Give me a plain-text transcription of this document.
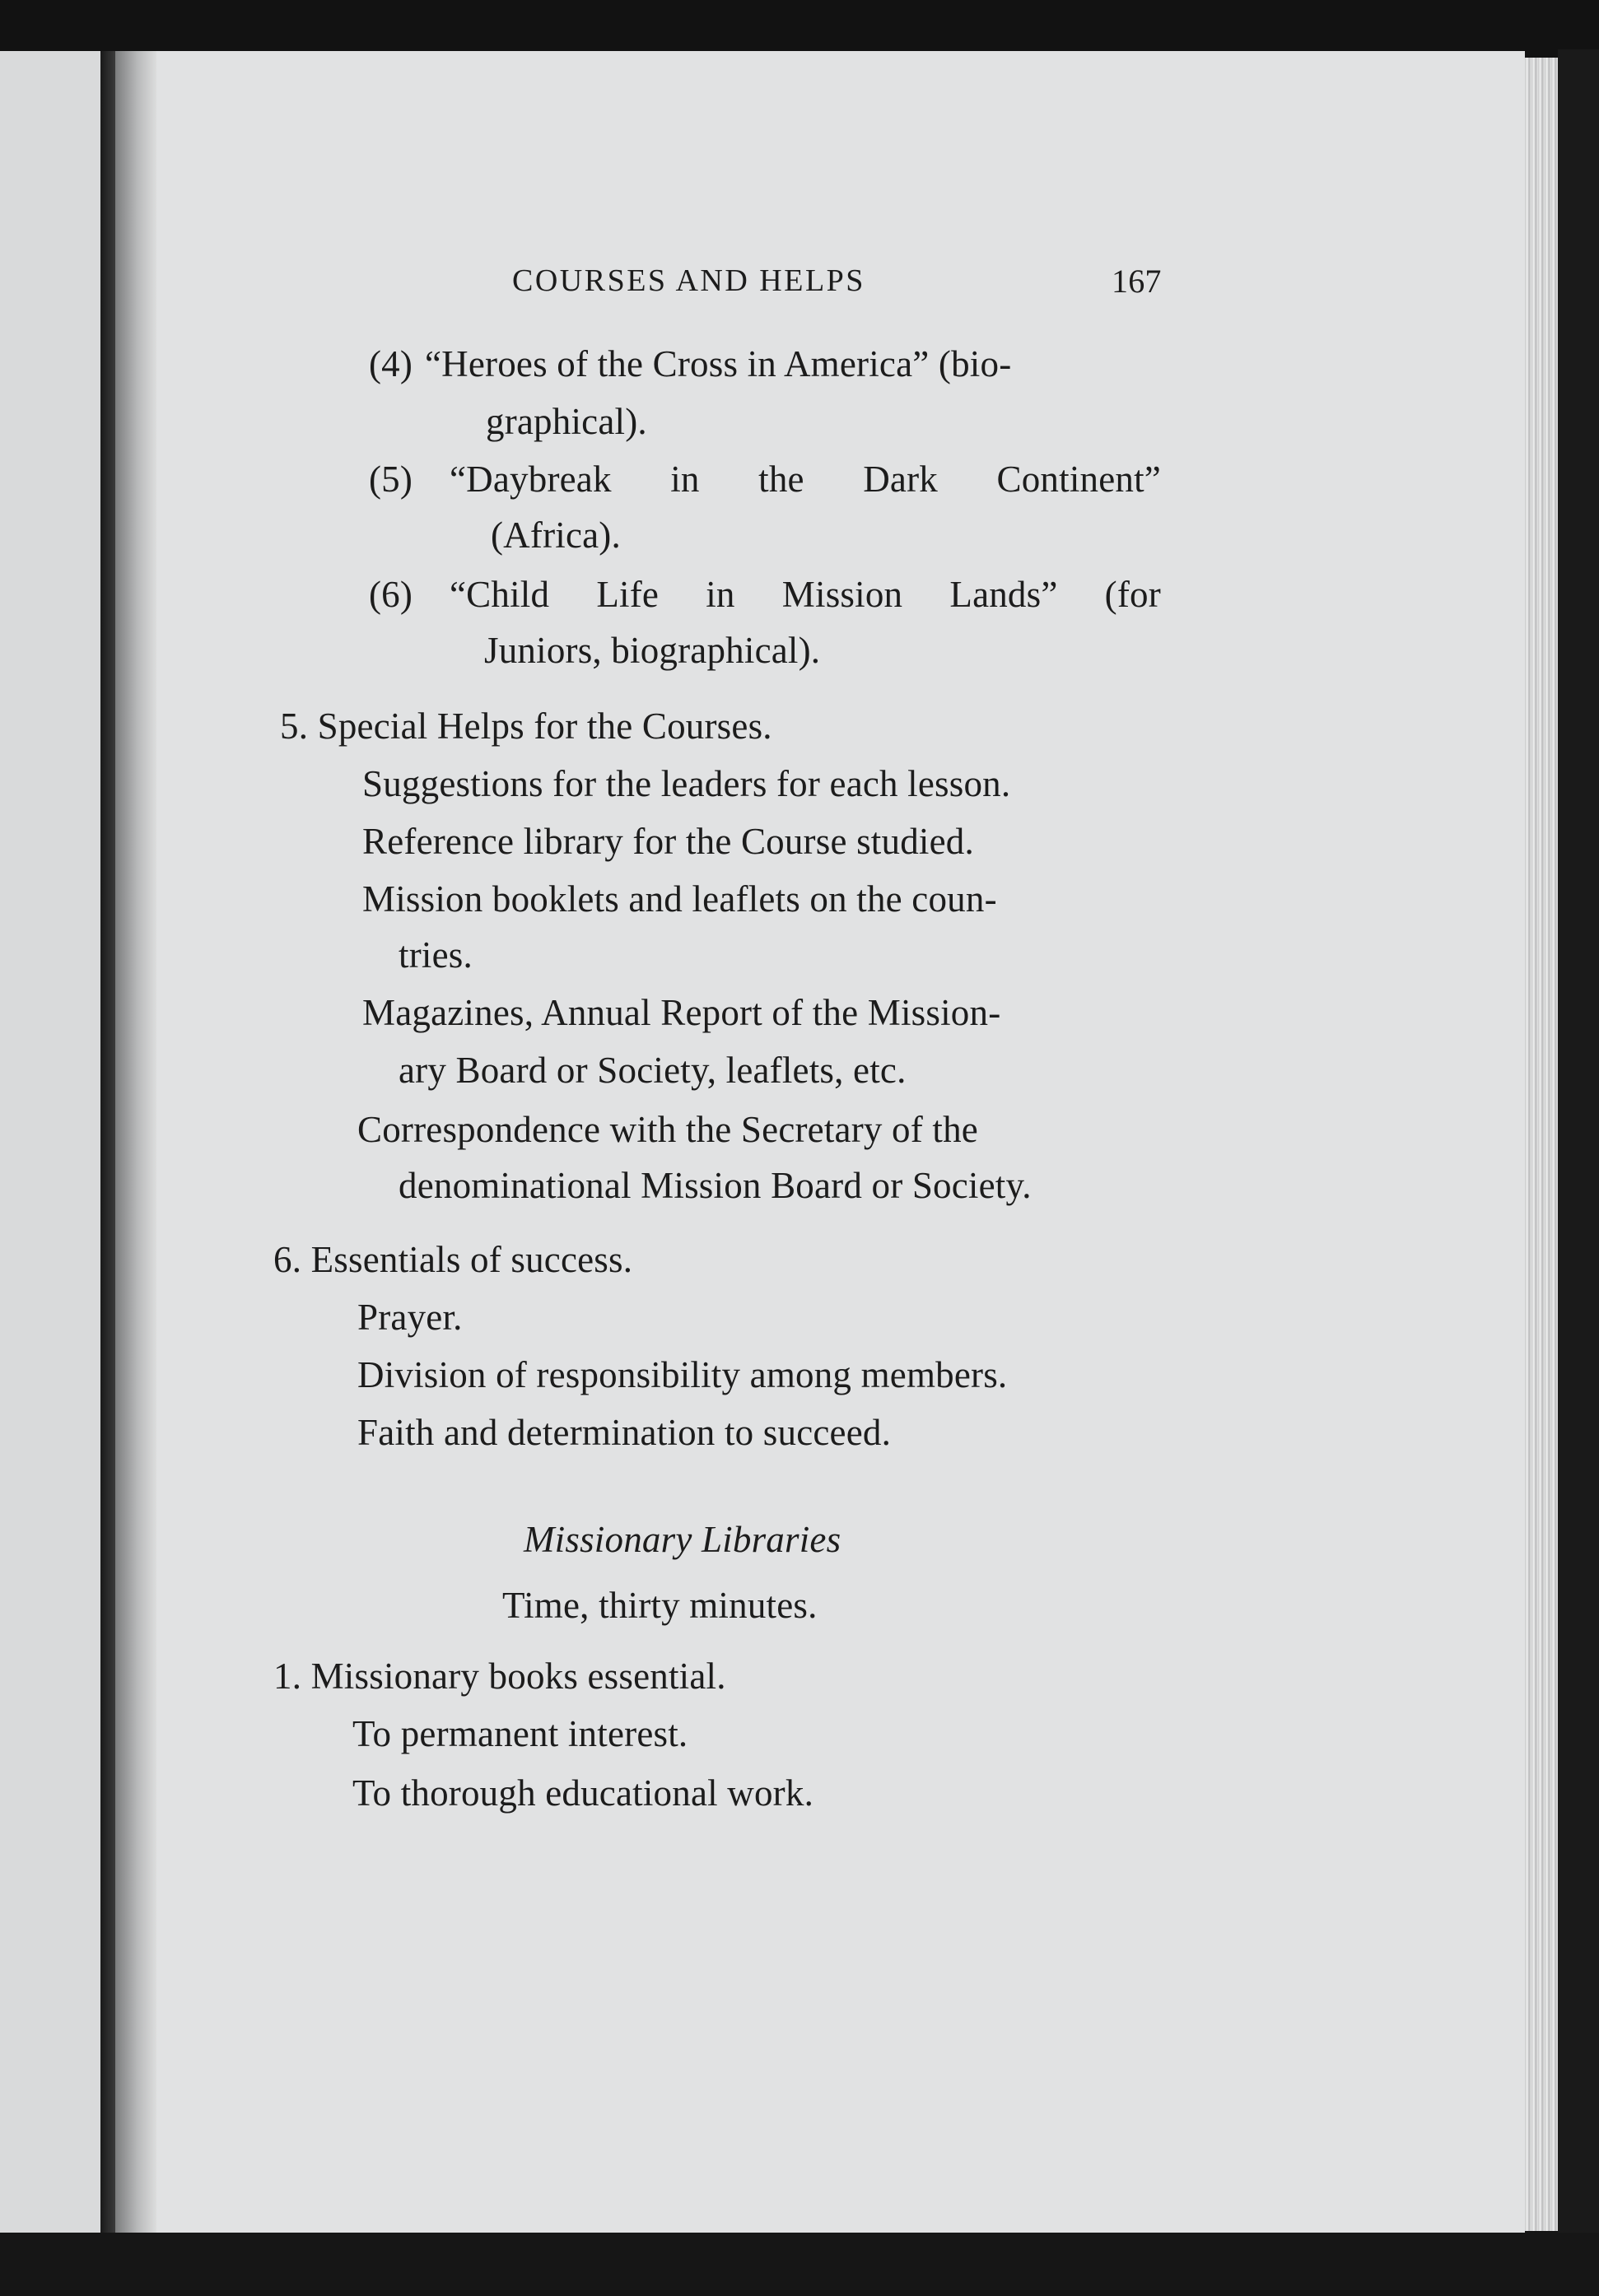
COURSES AND HELPS	167
(4) “Heroes of the Cross in America” (bio-
graphical).
(5) “Daybreak in the Dark Continent”
(Africa).
(6) “Child Life in Mission Lands” (for
Juniors, biographical).
5. Special Helps for the Courses.
Suggestions for the leaders for each lesson.
Reference library for the Course studied.
Mission booklets and leaflets on the coun-
tries.
Magazines, Annual Report of the Mission-
ary Board or Society, leaflets, etc.
Correspondence with the Secretary of the
denominational Mission Board or Society.
6. Essentials of success.
Prayer.
Division of responsibility among members.
Faith and determination to succeed.
Missionary Libraries
Time, thirty minutes.
1. Missionary books essential.
To permanent interest.
To thorough educational work.
